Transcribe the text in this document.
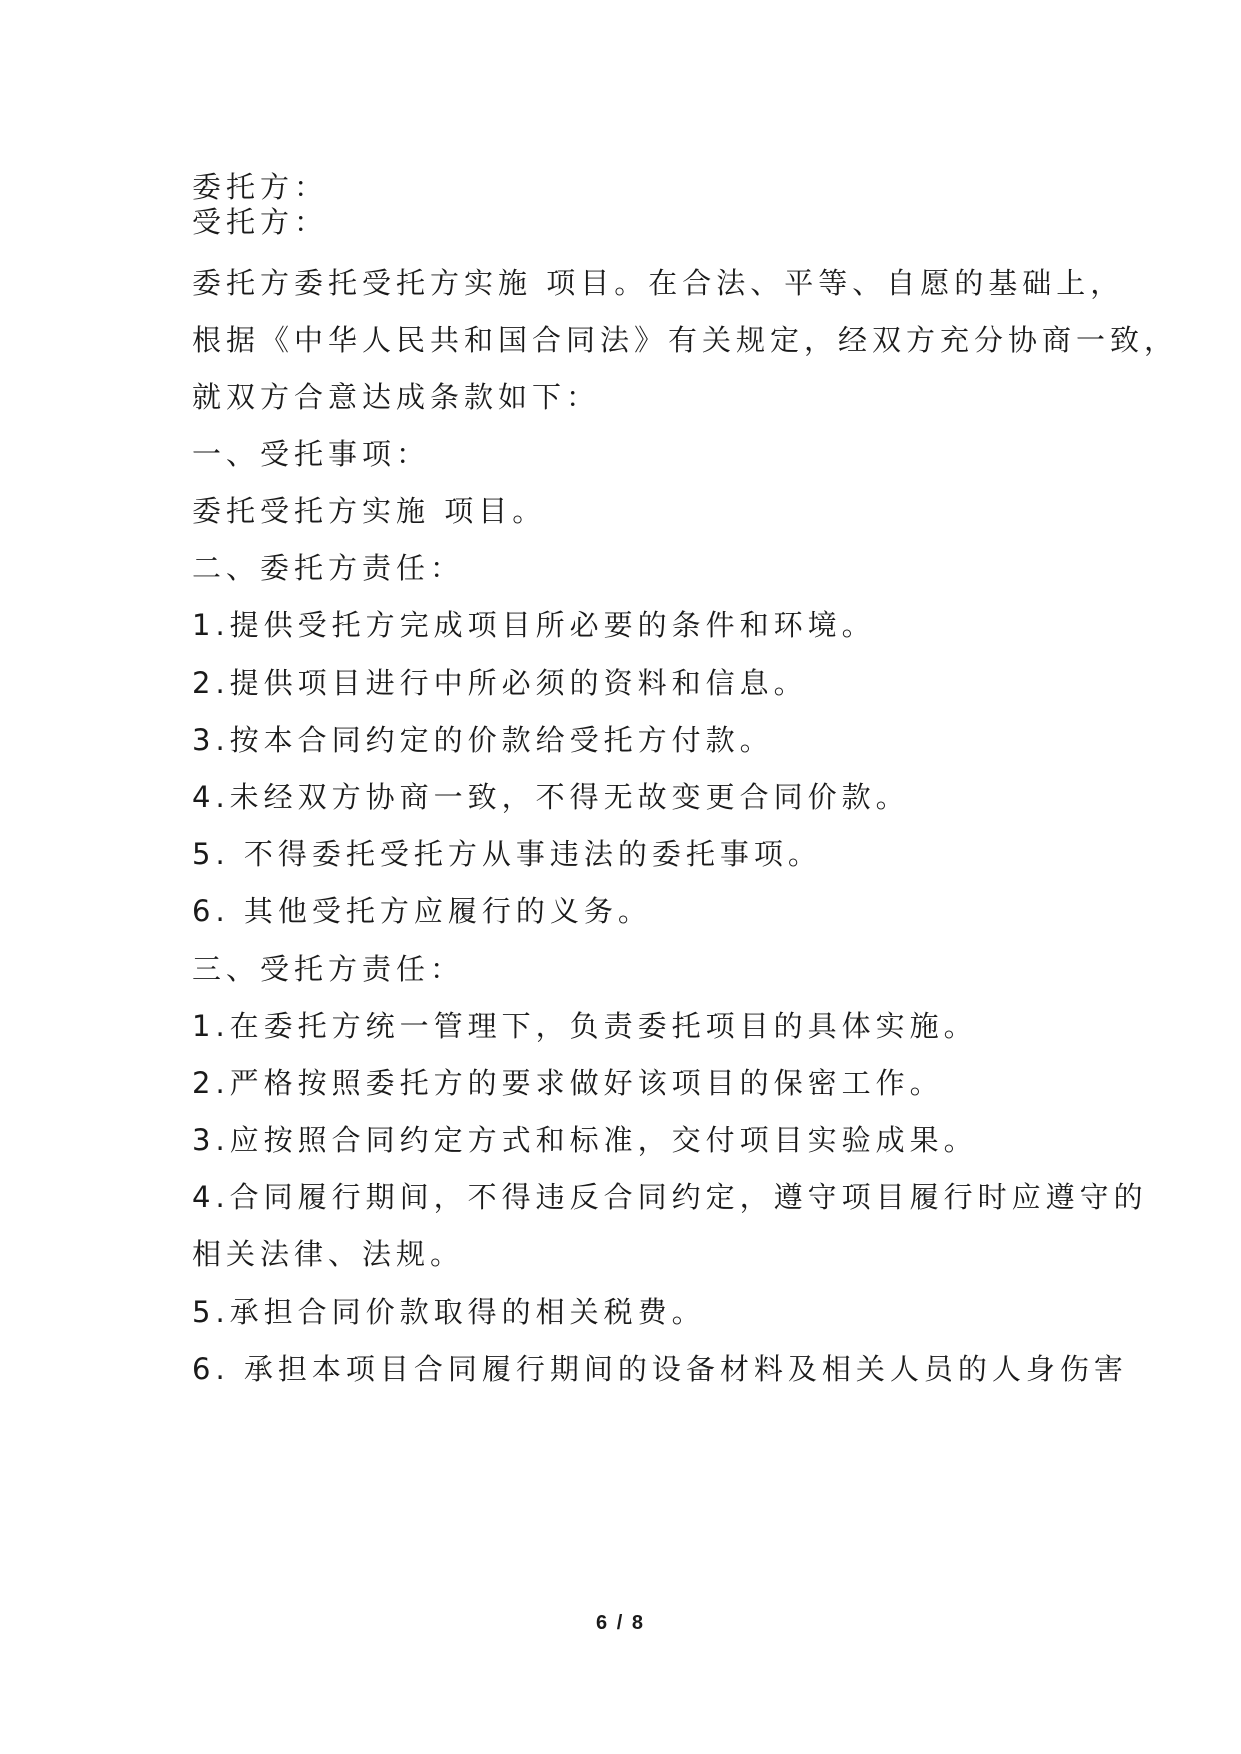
委托方：
受托方：
委托方委托受托方实施 项目。在合法、平等、自愿的基础上，
根据《中华人民共和国合同法》有关规定，经双方充分协商一致，
就双方合意达成条款如下：
一、受托事项：
委托受托方实施 项目。
二、委托方责任：
1.提供受托方完成项目所必要的条件和环境。
2.提供项目进行中所必须的资料和信息。
3.按本合同约定的价款给受托方付款。
4.未经双方协商一致，不得无故变更合同价款。
5. 不得委托受托方从事违法的委托事项。
6. 其他受托方应履行的义务。
三、受托方责任：
1.在委托方统一管理下，负责委托项目的具体实施。
2.严格按照委托方的要求做好该项目的保密工作。
3.应按照合同约定方式和标准，交付项目实验成果。
4.合同履行期间，不得违反合同约定，遵守项目履行时应遵守的
相关法律、法规。
5.承担合同价款取得的相关税费。
6. 承担本项目合同履行期间的设备材料及相关人员的人身伤害
6 / 8
